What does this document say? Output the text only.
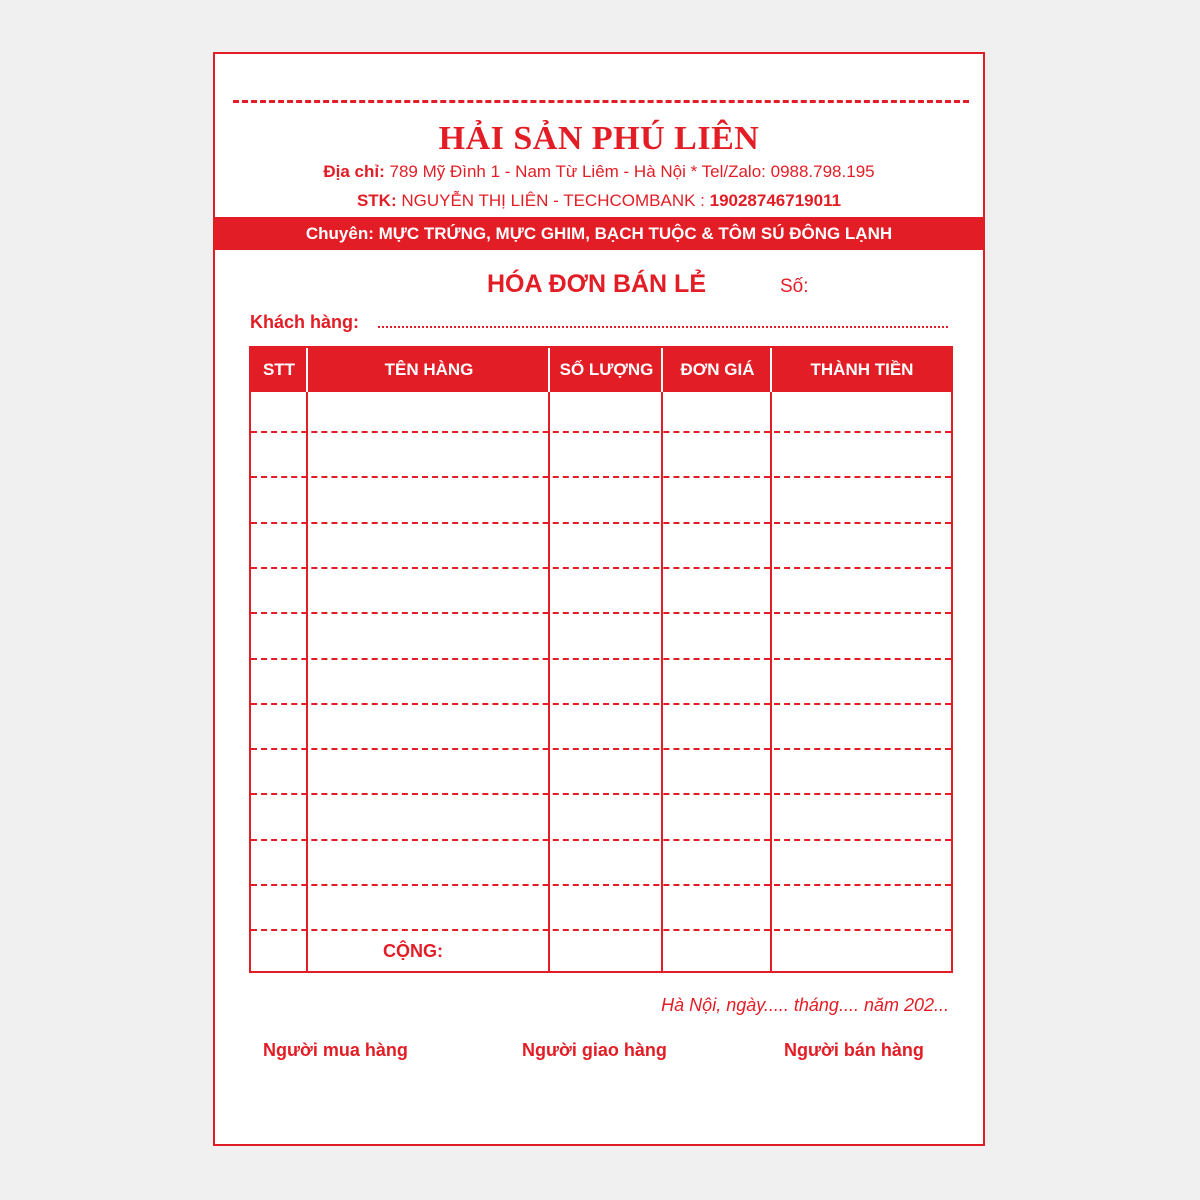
HẢI SẢN PHÚ LIÊN
Địa chỉ: 789 Mỹ Đình 1 - Nam Từ Liêm - Hà Nội * Tel/Zalo: 0988.798.195
STK: NGUYỄN THỊ LIÊN - TECHCOMBANK : 19028746719011
Chuyên: MỰC TRỨNG, MỰC GHIM, BẠCH TUỘC & TÔM SÚ ĐÔNG LẠNH
HÓA ĐƠN BÁN LẺ	Số:
Khách hàng:
STT	TÊN HÀNG	SỐ LƯỢNG	ĐƠN GIÁ	THÀNH TIỀN
CỘNG:
Hà Nội, ngày..... tháng.... năm 202...
Người mua hàng	Người giao hàng	Người bán hàng
